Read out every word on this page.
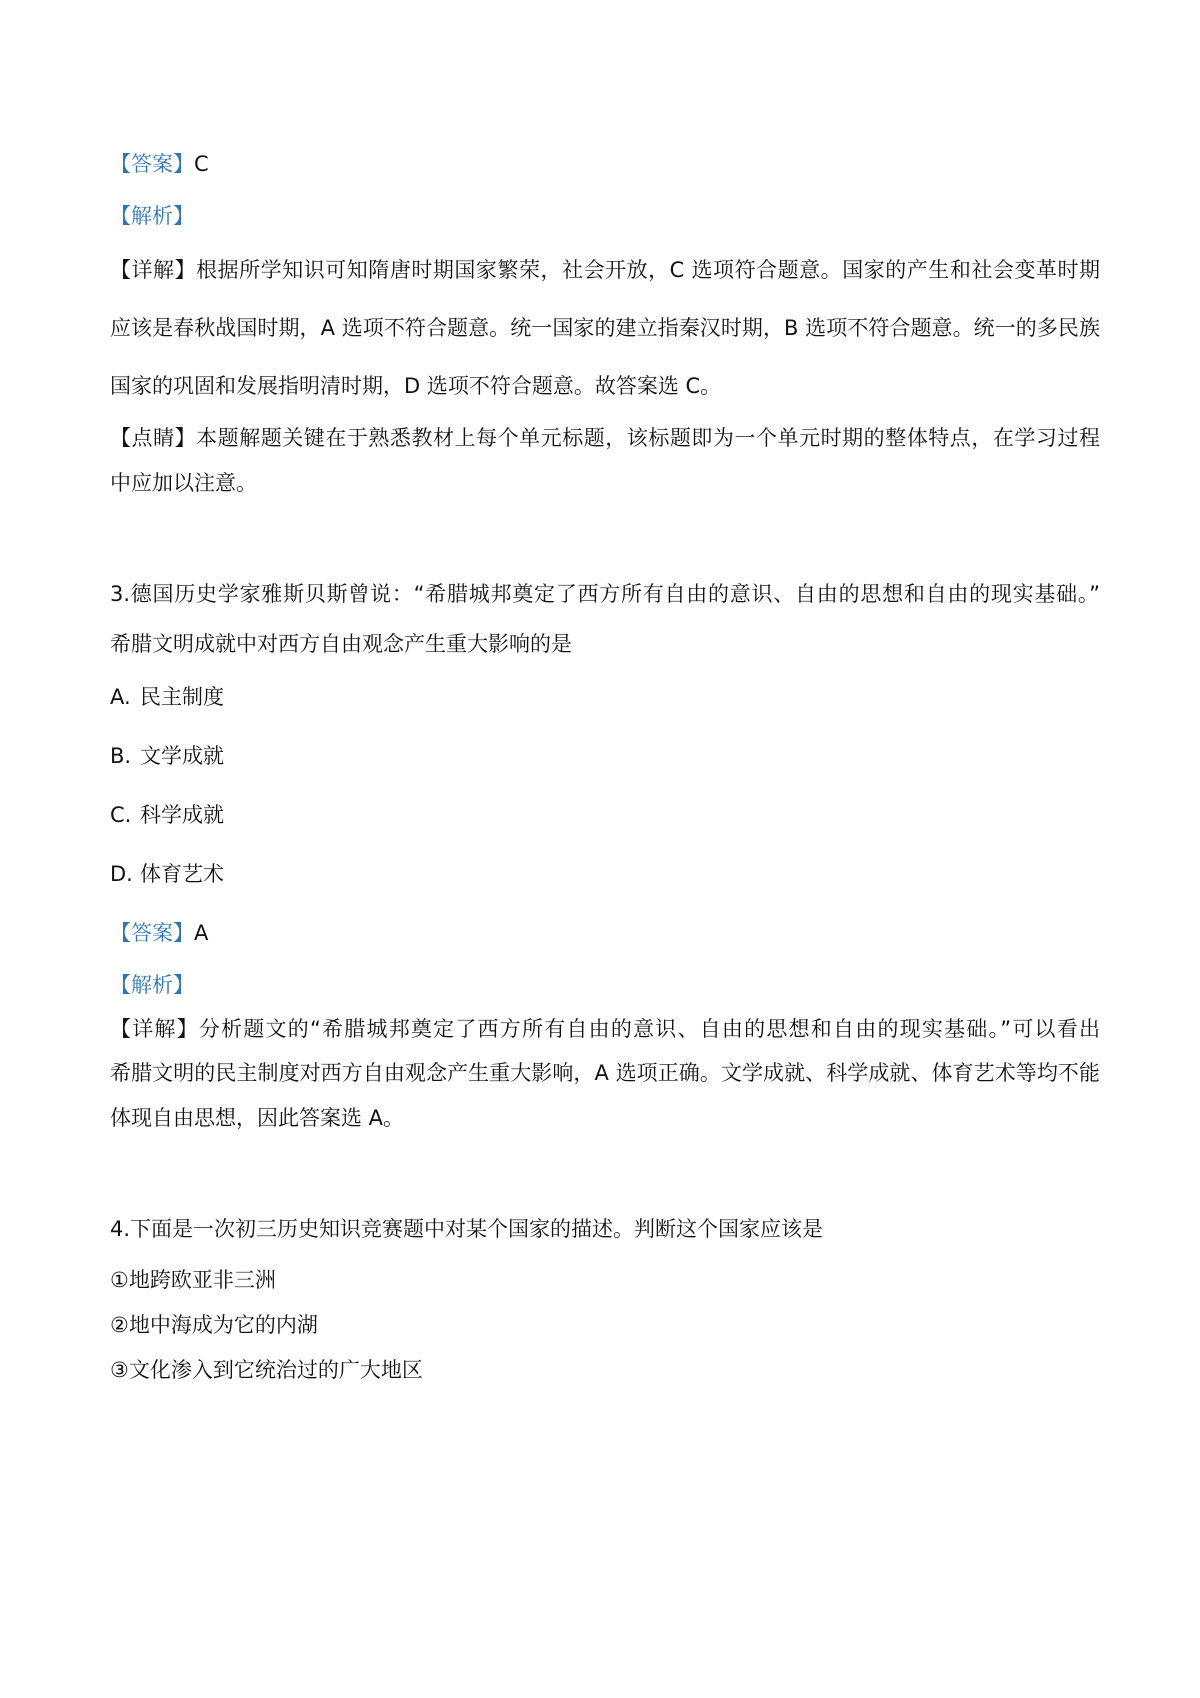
【答案】C
【解析】
【详解】根据所学知识可知隋唐时期国家繁荣，社会开放，C 选项符合题意。国家的产生和社会变革时期
应该是春秋战国时期，A 选项不符合题意。统一国家的建立指秦汉时期，B 选项不符合题意。统一的多民族
国家的巩固和发展指明清时期，D 选项不符合题意。故答案选 C。
【点睛】本题解题关键在于熟悉教材上每个单元标题，该标题即为一个单元时期的整体特点，在学习过程
中应加以注意。
3.德国历史学家雅斯贝斯曾说：“希腊城邦奠定了西方所有自由的意识、自由的思想和自由的现实基础。”
希腊文明成就中对西方自由观念产生重大影响的是
A. 民主制度
B. 文学成就
C. 科学成就
D. 体育艺术
【答案】A
【解析】
【详解】分析题文的“希腊城邦奠定了西方所有自由的意识、自由的思想和自由的现实基础。”可以看出
希腊文明的民主制度对西方自由观念产生重大影响，A 选项正确。文学成就、科学成就、体育艺术等均不能
体现自由思想，因此答案选 A。
4.下面是一次初三历史知识竞赛题中对某个国家的描述。判断这个国家应该是
①地跨欧亚非三洲
②地中海成为它的内湖
③文化渗入到它统治过的广大地区
